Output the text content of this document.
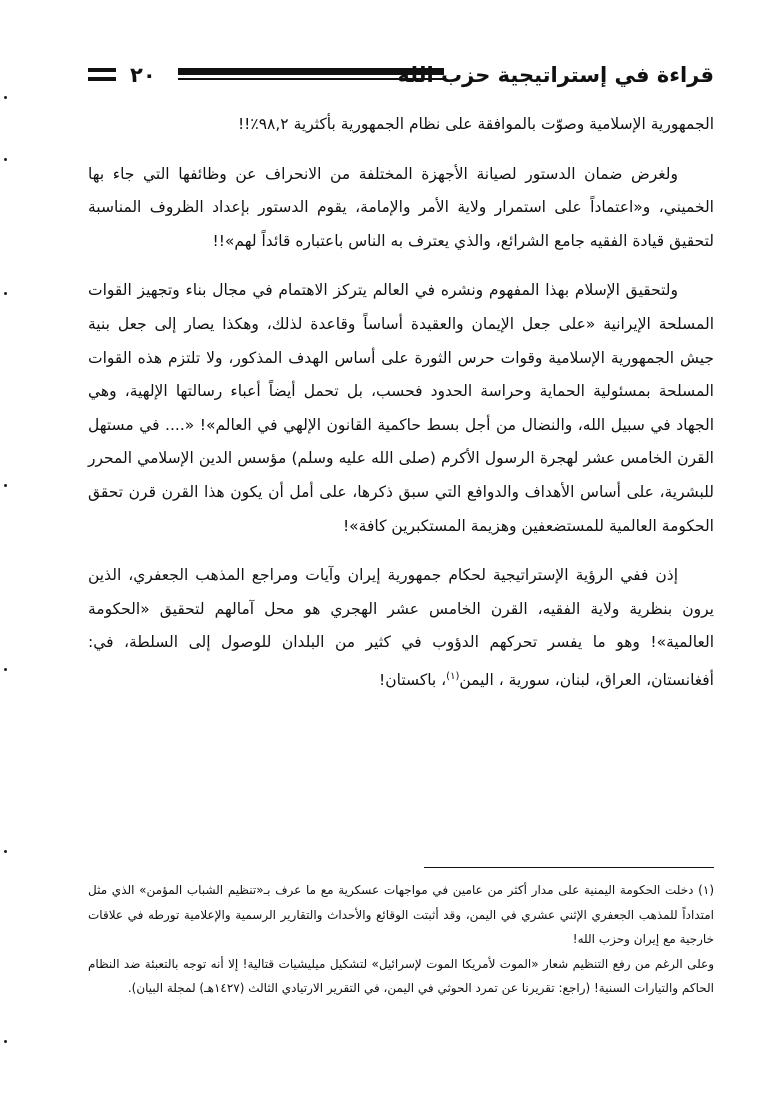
٢٠	قراءة في إستراتيجية حزب الله

الجمهورية الإسلامية وصوّت بالموافقة على نظام الجمهورية بأكثرية ٩٨,٢٪!!

ولغرض ضمان الدستور لصيانة الأجهزة المختلفة من الانحراف عن وظائفها التي جاء بها الخميني، و«اعتماداً على استمرار ولاية الأمر والإمامة، يقوم الدستور بإعداد الظروف المناسبة لتحقيق قيادة الفقيه جامع الشرائع، والذي يعترف به الناس باعتباره قائداً لهم»!!

ولتحقيق الإسلام بهذا المفهوم ونشره في العالم يتركز الاهتمام في مجال بناء وتجهيز القوات المسلحة الإيرانية «على جعل الإيمان والعقيدة أساساً وقاعدة لذلك، وهكذا يصار إلى جعل بنية جيش الجمهورية الإسلامية وقوات حرس الثورة على أساس الهدف المذكور، ولا تلتزم هذه القوات المسلحة بمسئولية الحماية وحراسة الحدود فحسب، بل تحمل أيضاً أعباء رسالتها الإلهية، وهي الجهاد في سبيل الله، والنضال من أجل بسط حاكمية القانون الإلهي في العالم»! «.... في مستهل القرن الخامس عشر لهجرة الرسول الأكرم (صلى الله عليه وسلم) مؤسس الدين الإسلامي المحرر للبشرية، على أساس الأهداف والدوافع التي سبق ذكرها، على أمل أن يكون هذا القرن قرن تحقق الحكومة العالمية للمستضعفين وهزيمة المستكبرين كافة»!

إذن ففي الرؤية الإستراتيجية لحكام جمهورية إيران وآيات ومراجع المذهب الجعفري، الذين يرون بنظرية ولاية الفقيه، القرن الخامس عشر الهجري هو محل آمالهم لتحقيق «الحكومة العالمية»! وهو ما يفسر تحركهم الدؤوب في كثير من البلدان للوصول إلى السلطة، في: أفغانستان، العراق، لبنان، سورية ، اليمن$^{(١)}$، باكستان!

(١) دخلت الحكومة اليمنية على مدار أكثر من عامين في مواجهات عسكرية مع ما عرف بـ«تنظيم الشباب المؤمن» الذي مثل امتداداً للمذهب الجعفري الإثني عشري في اليمن، وقد أثبتت الوقائع والأحداث والتقارير الرسمية والإعلامية تورطه في علاقات خارجية مع إيران وحزب الله!

وعلى الرغم من رفع التنظيم شعار «الموت لأمريكا الموت لإسرائيل» لتشكيل ميليشيات قتالية! إلا أنه توجه بالتعبئة ضد النظام الحاكم والتيارات السنية! (راجع: تقريرنا عن تمرد الحوثي في اليمن، في التقرير الارتيادي الثالث (١٤٢٧هـ) لمجلة البيان).
